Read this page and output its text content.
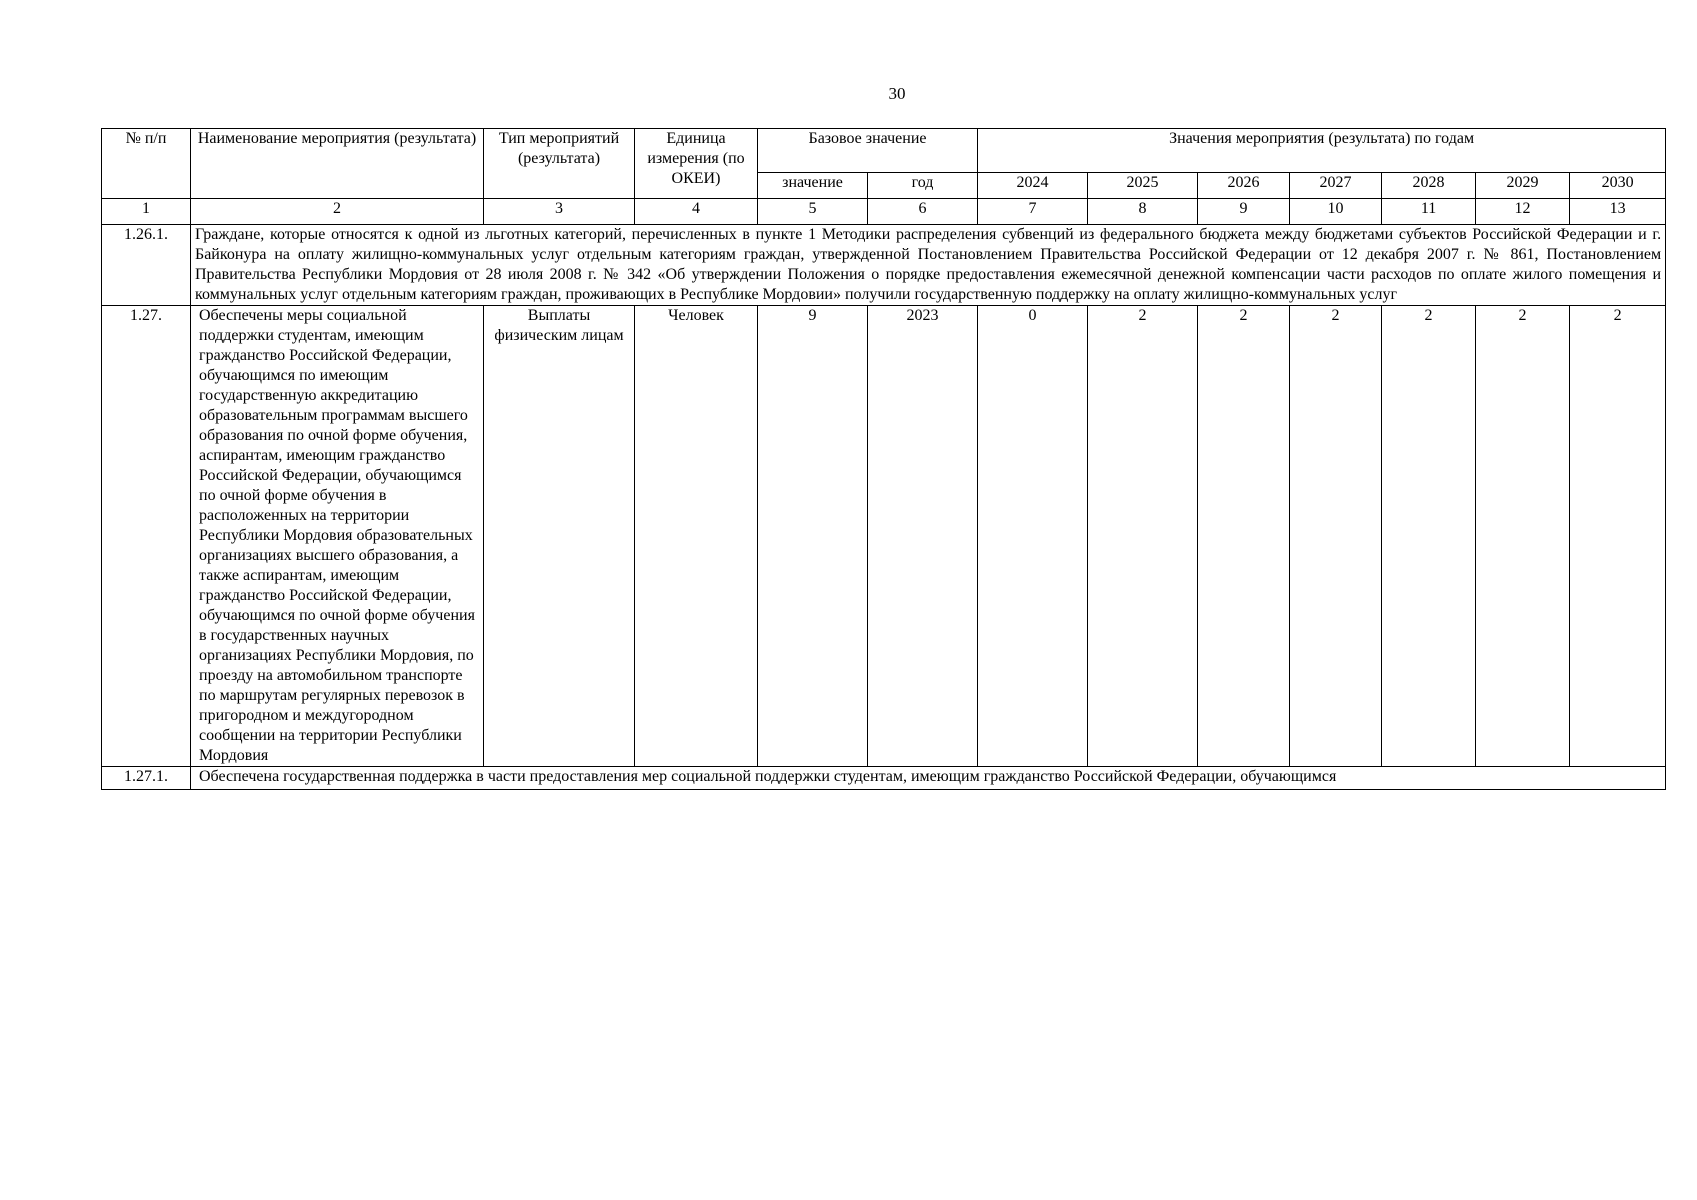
30
№ п/п	Наименование мероприятия (результата)	Тип мероприятий (результата)	Единица измерения (по ОКЕИ)	Базовое значение		Значения мероприятия (результата) по годам						
				значение	год	2024	2025	2026	2027	2028	2029	2030
1	2	3	4	5	6	7	8	9	10	11	12	13
1.26.1.	Граждане, которые относятся к одной из льготных категорий, перечисленных в пункте 1 Методики распределения субвенций из федерального бюджета между бюджетами субъектов Российской Федерации и г. Байконура на оплату жилищно-коммунальных услуг отдельным категориям граждан, утвержденной Постановлением Правительства Российской Федерации от 12 декабря 2007 г. № 861, Постановлением Правительства Республики Мордовия от 28 июля 2008 г. № 342 «Об утверждении Положения о порядке предоставления ежемесячной денежной компенсации части расходов по оплате жилого помещения и коммунальных услуг отдельным категориям граждан, проживающих в Республике Мордовии» получили государственную поддержку на оплату жилищно-коммунальных услуг											
1.27.	Обеспечены меры социальной поддержки студентам, имеющим гражданство Российской Федерации, обучающимся по имеющим государственную аккредитацию образовательным программам высшего образования по очной форме обучения, аспирантам, имеющим гражданство Российской Федерации, обучающимся по очной форме обучения в расположенных на территории Республики Мордовия образовательных организациях высшего образования, а также аспирантам, имеющим гражданство Российской Федерации, обучающимся по очной форме обучения в государственных научных организациях Республики Мордовия, по проезду на автомобильном транспорте по маршрутам регулярных перевозок в пригородном и междугородном сообщении на территории Республики Мордовия	Выплаты физическим лицам	Человек	9	2023	0	2	2	2	2	2	2
1.27.1.	Обеспечена государственная поддержка в части предоставления мер социальной поддержки студентам, имеющим гражданство Российской Федерации, обучающимся											
